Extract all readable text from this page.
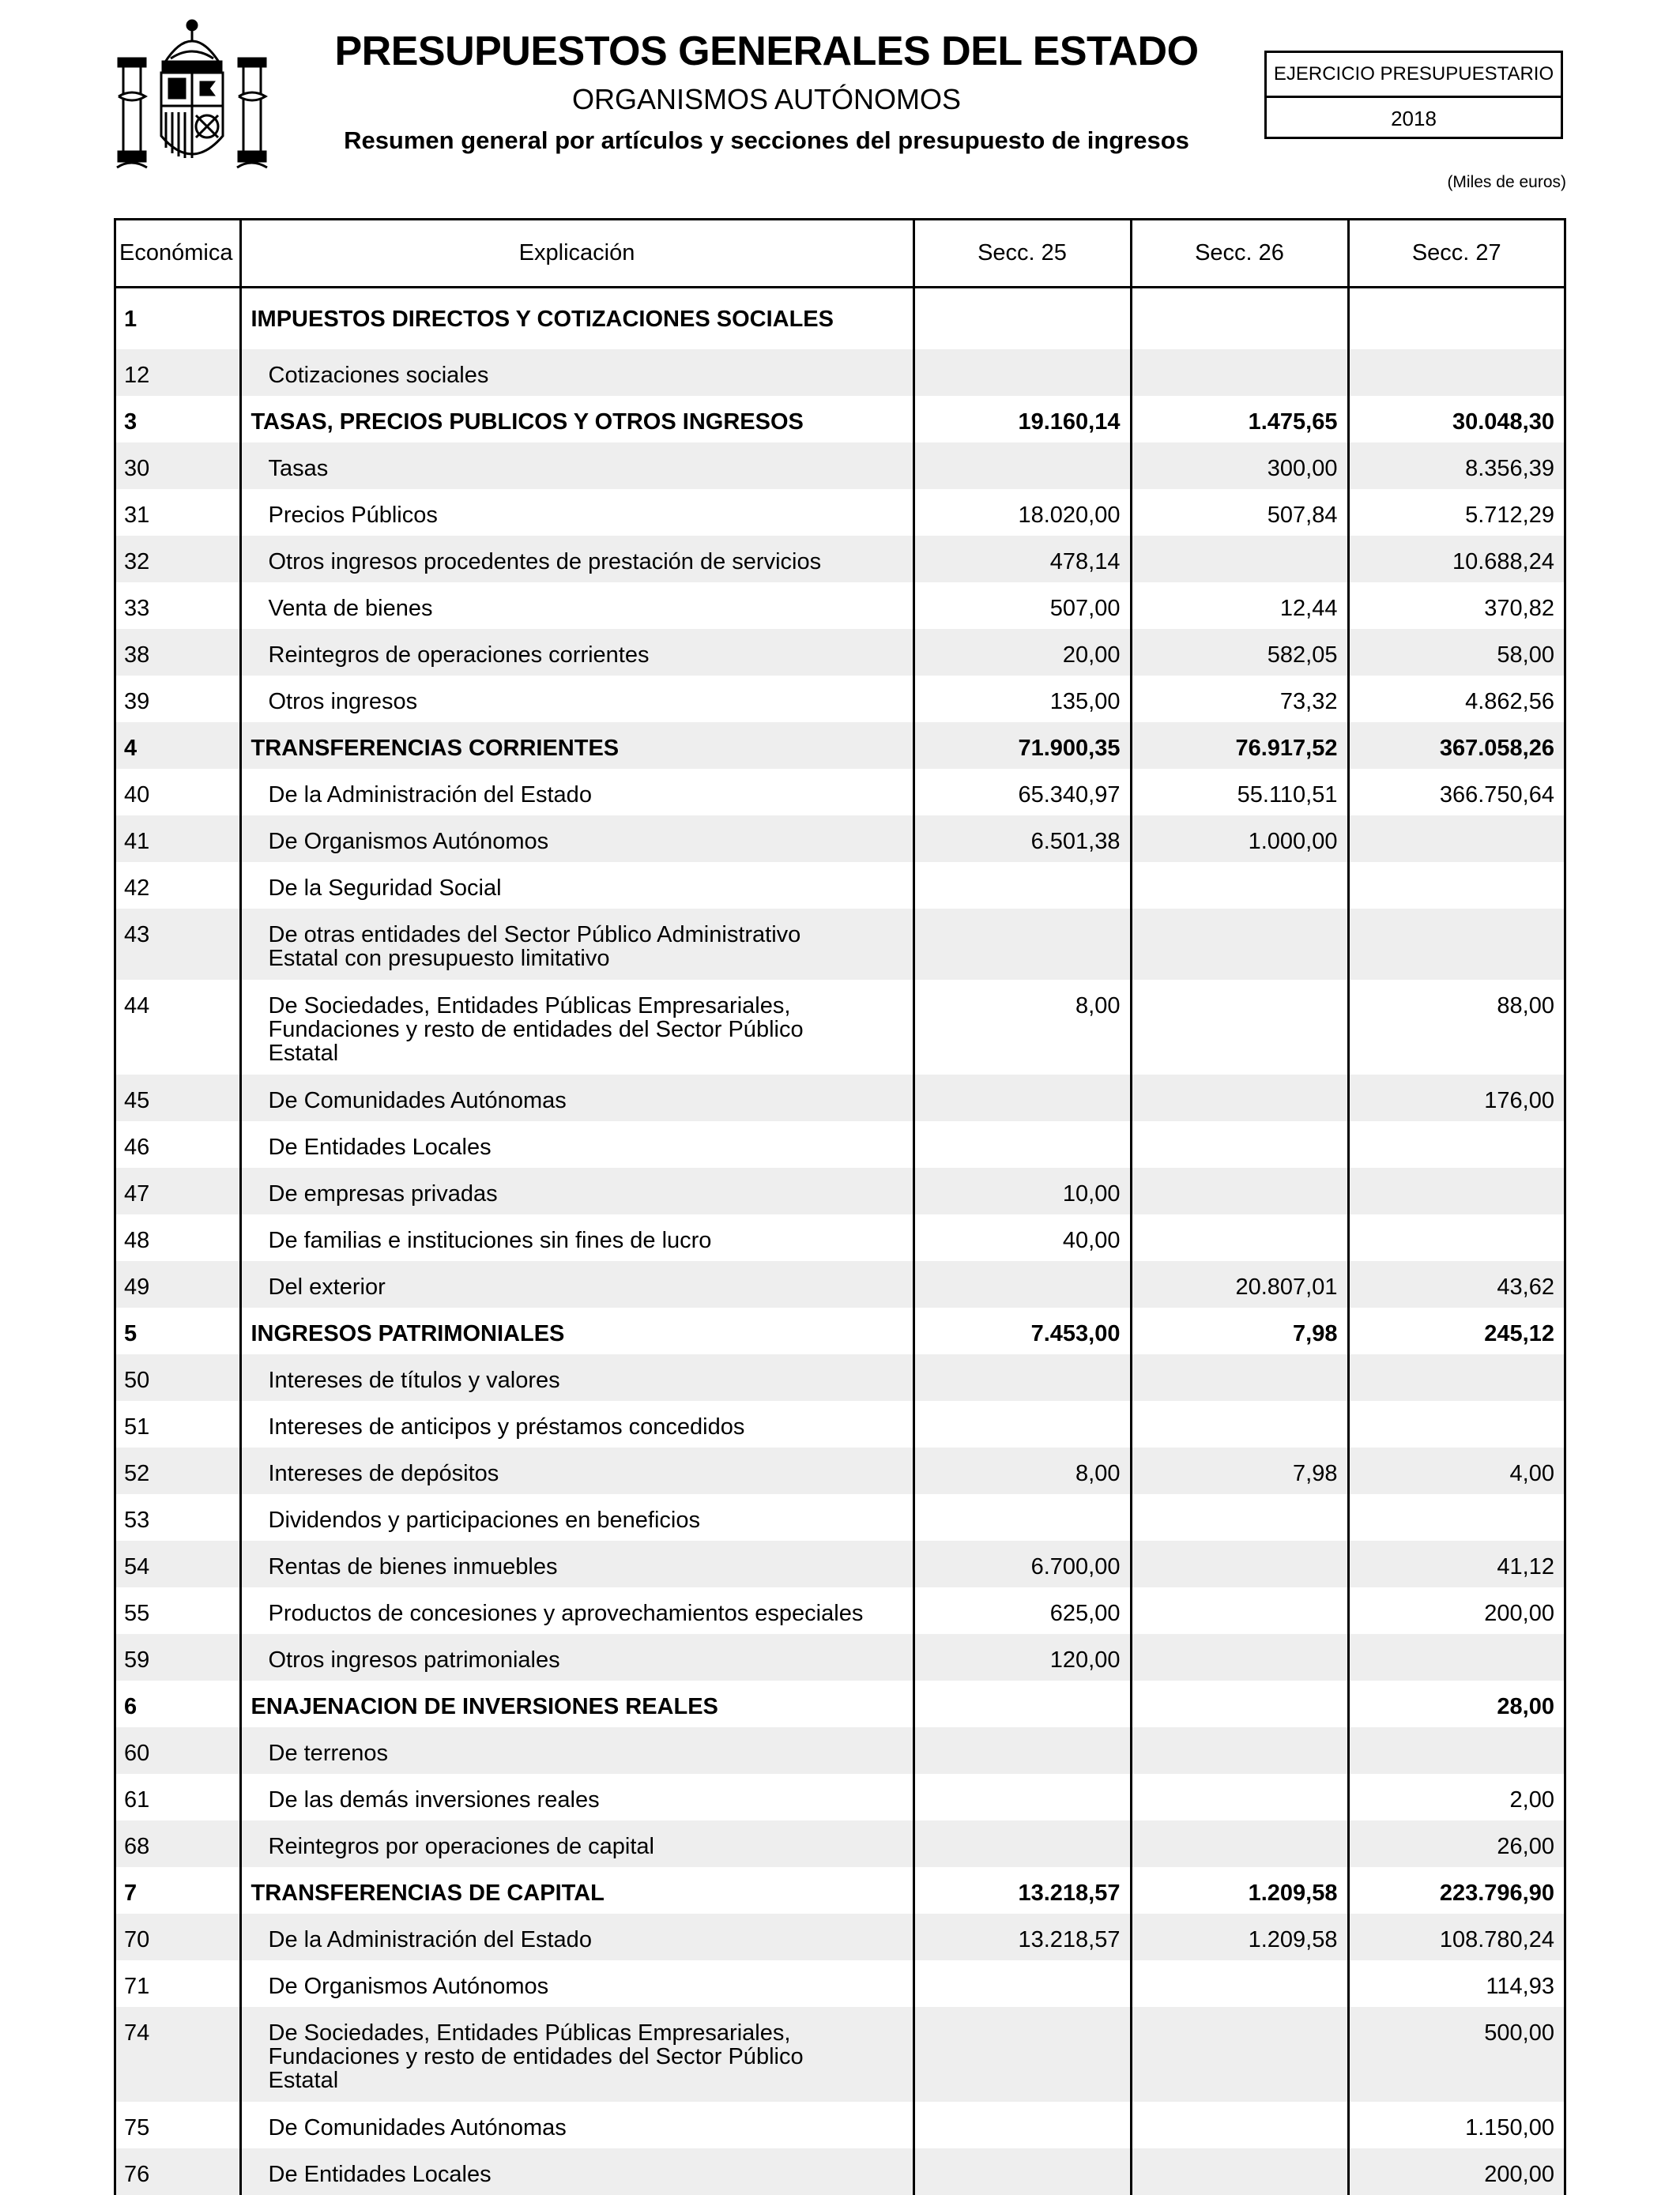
PRESUPUESTOS GENERALES DEL ESTADO
ORGANISMOS AUTÓNOMOS
Resumen general por artículos y secciones del presupuesto de ingresos
EJERCICIO PRESUPUESTARIO
2018
(Miles de euros)
Económica	Explicación	Secc. 25	Secc. 26	Secc. 27
1	IMPUESTOS DIRECTOS Y COTIZACIONES SOCIALES			

12	Cotizaciones sociales			

3	TASAS, PRECIOS PUBLICOS Y OTROS INGRESOS	19.160,14	1.475,65	30.048,30
30	Tasas		300,00	8.356,39
31	Precios Públicos	18.020,00	507,84	5.712,29
32	Otros ingresos procedentes de prestación de servicios	478,14		10.688,24
33	Venta de bienes	507,00	12,44	370,82
38	Reintegros de operaciones corrientes	20,00	582,05	58,00
39	Otros ingresos	135,00	73,32	4.862,56
4	TRANSFERENCIAS CORRIENTES	71.900,35	76.917,52	367.058,26
40	De la Administración del Estado	65.340,97	55.110,51	366.750,64
41	De Organismos Autónomos	6.501,38	1.000,00	
42	De la Seguridad Social			

43	De otras entidades del Sector Público Administrativo
Estatal con presupuesto limitativo			

44	De Sociedades, Entidades Públicas Empresariales,
Fundaciones y resto de entidades del Sector Público
Estatal	8,00		88,00
45	De Comunidades Autónomas			176,00
46	De Entidades Locales			

47	De empresas privadas	10,00		
48	De familias e instituciones sin fines de lucro	40,00		
49	Del exterior		20.807,01	43,62
5	INGRESOS PATRIMONIALES	7.453,00	7,98	245,12
50	Intereses de títulos y valores			

51	Intereses de anticipos y préstamos concedidos			

52	Intereses de depósitos	8,00	7,98	4,00
53	Dividendos y participaciones en beneficios			

54	Rentas de bienes inmuebles	6.700,00		41,12
55	Productos de concesiones y aprovechamientos especiales	625,00		200,00
59	Otros ingresos patrimoniales	120,00		
6	ENAJENACION DE INVERSIONES REALES			28,00
60	De terrenos			

61	De las demás inversiones reales			2,00
68	Reintegros por operaciones de capital			26,00
7	TRANSFERENCIAS DE CAPITAL	13.218,57	1.209,58	223.796,90
70	De la Administración del Estado	13.218,57	1.209,58	108.780,24
71	De Organismos Autónomos			114,93
74	De Sociedades, Entidades Públicas Empresariales,
Fundaciones y resto de entidades del Sector Público
Estatal			500,00
75	De Comunidades Autónomas			1.150,00
76	De Entidades Locales			200,00
